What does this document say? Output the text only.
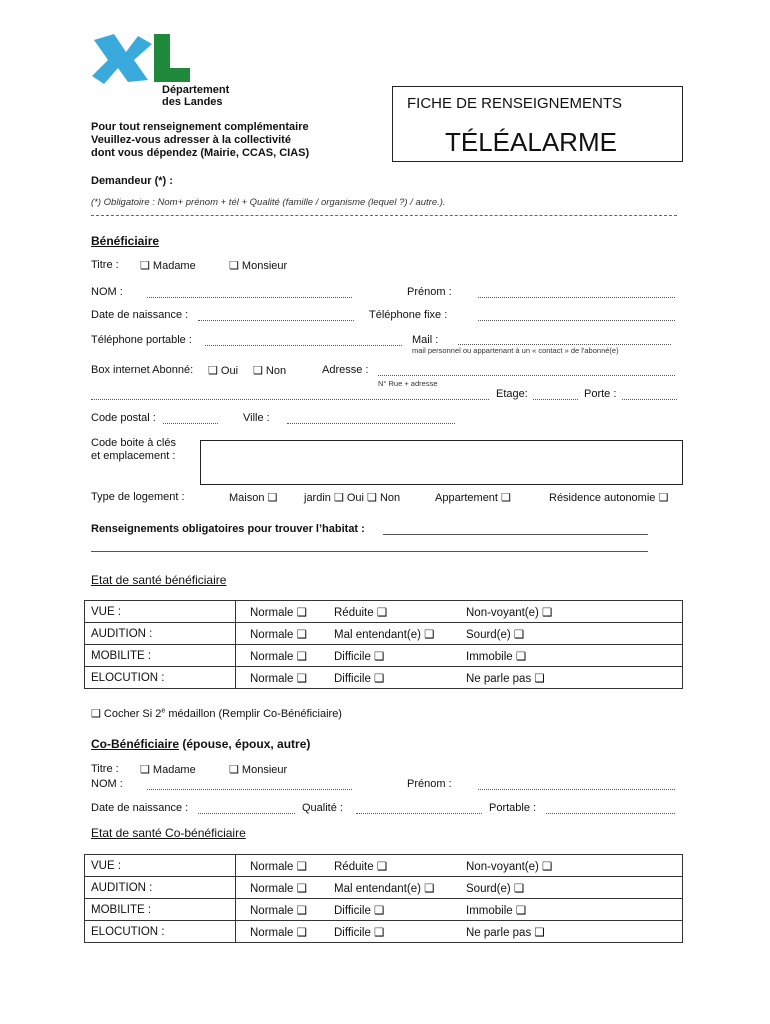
Département
des Landes	FICHE DE RENSEIGNEMENTS
TÉLÉALARME
Pour tout renseignement complémentaire
Veuillez-vous adresser à la collectivité
dont vous dépendez (Mairie, CCAS, CIAS)
Demandeur (*) :
(*) Obligatoire : Nom+ prénom + tél + Qualité (famille / organisme (lequel ?) / autre.).
Bénéficiaire
Titre : ❑ Madame	❑ Monsieur
NOM :	Prénom :
Date de naissance :	Téléphone fixe :
Téléphone portable :	Mail :
mail personnel ou appartenant à un « contact » de l'abonné(e)
Box internet Abonné: ❑ Oui ❑ Non	Adresse :
N° Rue + adresse
Etage:	Porte :
Code postal :	Ville :
Code boite à clés
et emplacement :
Type de logement :	Maison ❑ jardin ❑ Oui ❑ Non	Appartement ❑	Résidence autonomie ❑
Renseignements obligatoires pour trouver l’habitat :
Etat de santé bénéficiaire
VUE :	Normale ❑ Réduite ❑ Non-voyant(e) ❑
AUDITION :	Normale ❑ Mal entendant(e) ❑ Sourd(e) ❑
MOBILITE :	Normale ❑ Difficile ❑ Immobile ❑
ELOCUTION :	Normale ❑ Difficile ❑ Ne parle pas ❑
❑ Cocher Si 2e médaillon (Remplir Co-Bénéficiaire)
Co-Bénéficiaire (épouse, époux, autre)
Titre : ❑ Madame	❑ Monsieur
NOM :	Prénom :
Date de naissance :	Qualité :	Portable :
Etat de santé Co-bénéficiaire
VUE :	Normale ❑ Réduite ❑ Non-voyant(e) ❑
AUDITION :	Normale ❑ Mal entendant(e) ❑ Sourd(e) ❑
MOBILITE :	Normale ❑ Difficile ❑ Immobile ❑
ELOCUTION :	Normale ❑ Difficile ❑ Ne parle pas ❑
